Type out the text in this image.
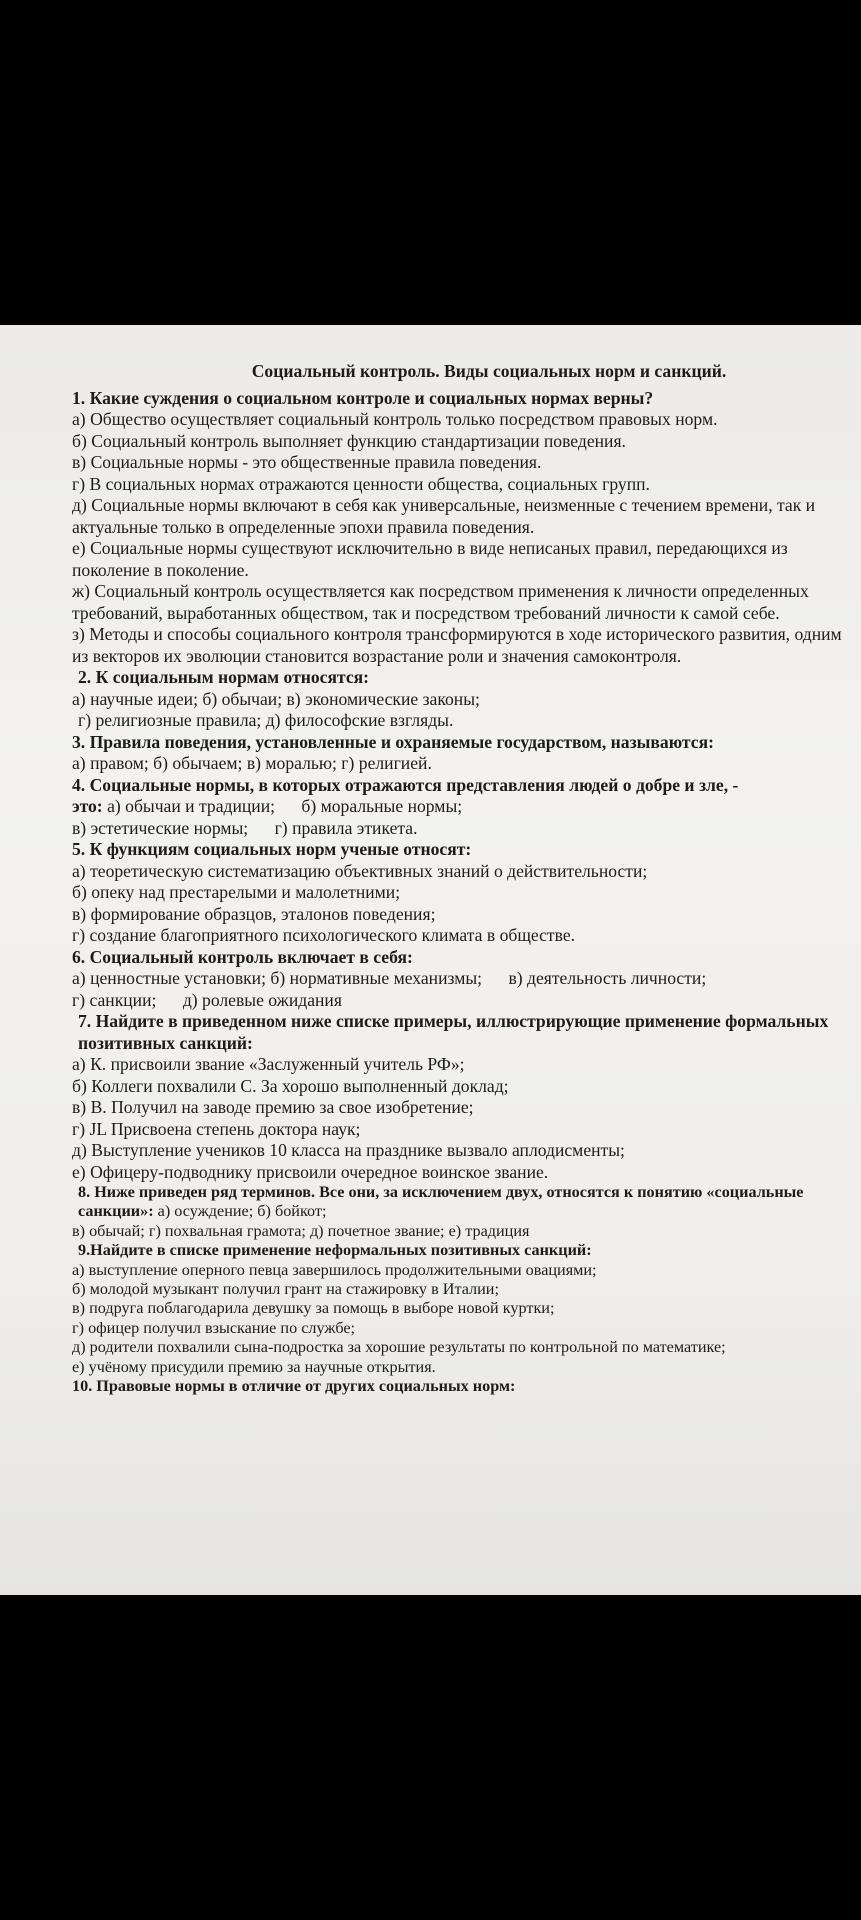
Социальный контроль. Виды социальных норм и санкций.
1. Какие суждения о социальном контроле и социальных нормах верны?
а) Общество осуществляет социальный контроль только посредством правовых норм.
б) Социальный контроль выполняет функцию стандартизации поведения.
в) Социальные нормы - это общественные правила поведения.
г) В социальных нормах отражаются ценности общества, социальных групп.
д) Социальные нормы включают в себя как универсальные, неизменные с течением времени, так и актуальные только в определенные эпохи правила поведения.
е) Социальные нормы существуют исключительно в виде неписаных правил, передающихся из поколение в поколение.
ж) Социальный контроль осуществляется как посредством применения к личности определенных требований, выработанных обществом, так и посредством требований личности к самой себе.
з) Методы и способы социального контроля трансформируются в ходе исторического развития, одним из векторов их эволюции становится возрастание роли и значения самоконтроля.
2. К социальным нормам относятся:
а) научные идеи; б) обычаи; в) экономические законы;
г) религиозные правила; д) философские взгляды.
3. Правила поведения, установленные и охраняемые государством, называются:
а) правом; б) обычаем; в) моралью; г) религией.
4. Социальные нормы, в которых отражаются представления людей о добре и зле, -
это: а) обычаи и традиции; б) моральные нормы;
в) эстетические нормы; г) правила этикета.
5. К функциям социальных норм ученые относят:
а) теоретическую систематизацию объективных знаний о действительности;
б) опеку над престарелыми и малолетними;
в) формирование образцов, эталонов поведения;
г) создание благоприятного психологического климата в обществе.
6. Социальный контроль включает в себя:
а) ценностные установки; б) нормативные механизмы; в) деятельность личности;
г) санкции; д) ролевые ожидания
7. Найдите в приведенном ниже списке примеры, иллюстрирующие применение формальных позитивных санкций:
а) К. присвоили звание «Заслуженный учитель РФ»;
б) Коллеги похвалили С. За хорошо выполненный доклад;
в) В. Получил на заводе премию за свое изобретение;
г) JL Присвоена степень доктора наук;
д) Выступление учеников 10 класса на празднике вызвало аплодисменты;
е) Офицеру-подводнику присвоили очередное воинское звание.
8. Ниже приведен ряд терминов. Все они, за исключением двух, относятся к понятию «социальные санкции»: а) осуждение; б) бойкот;
в) обычай; г) похвальная грамота; д) почетное звание; е) традиция
9.Найдите в списке применение неформальных позитивных санкций:
а) выступление оперного певца завершилось продолжительными овациями;
б) молодой музыкант получил грант на стажировку в Италии;
в) подруга поблагодарила девушку за помощь в выборе новой куртки;
г) офицер получил взыскание по службе;
д) родители похвалили сына-подростка за хорошие результаты по контрольной по математике;
е) учёному присудили премию за научные открытия.
10. Правовые нормы в отличие от других социальных норм:
